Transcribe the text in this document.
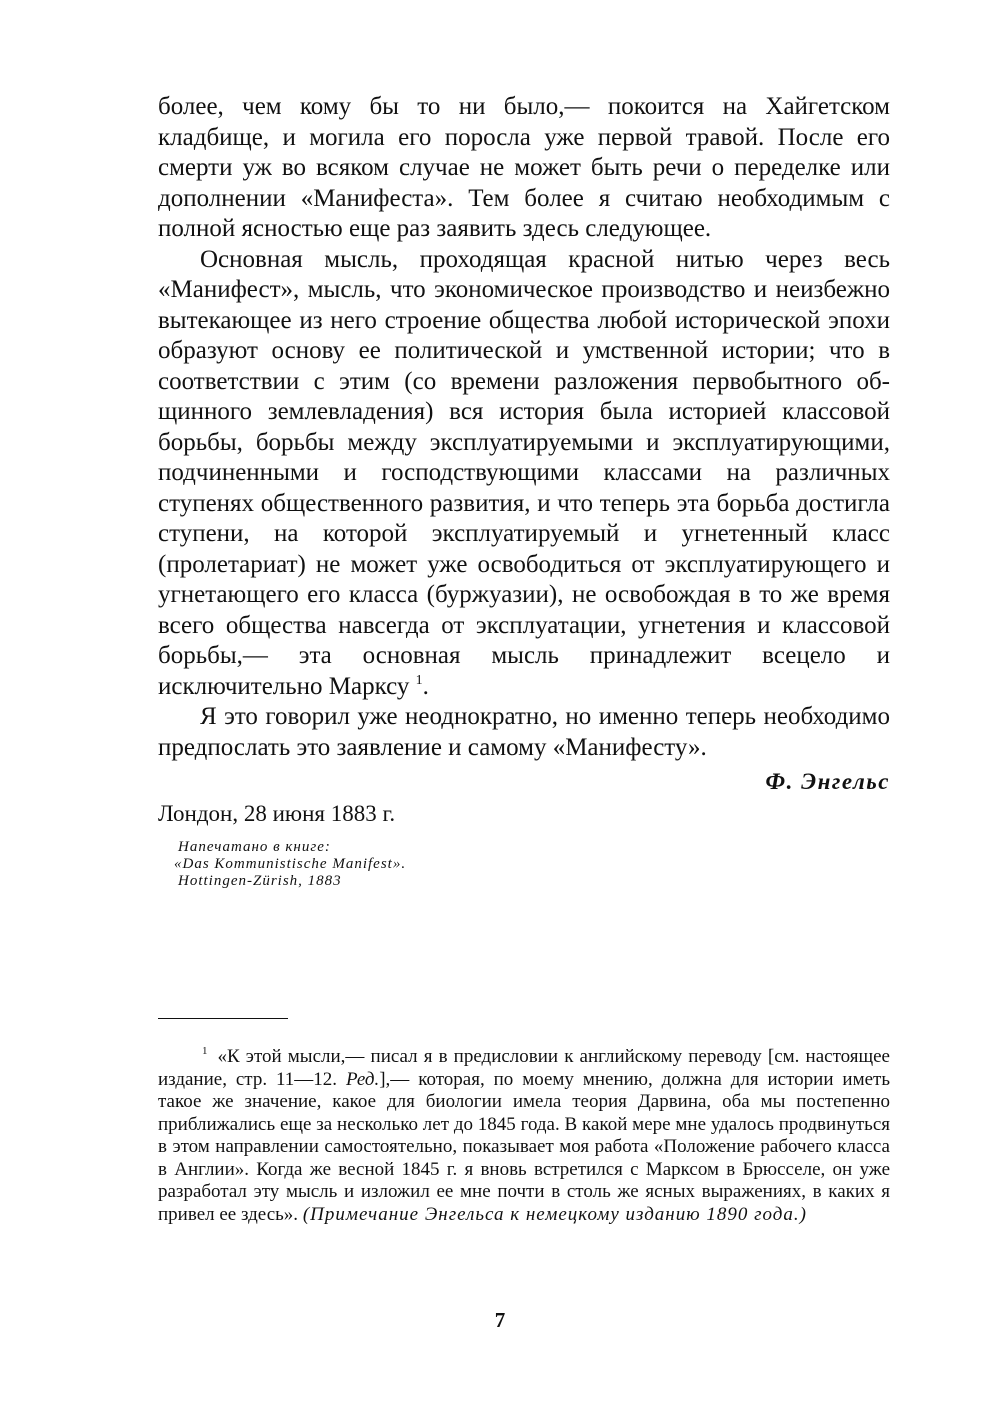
более, чем кому бы то ни было,— покоится на Хайгетском кладбище, и могила его поросла уже первой травой. После его смерти уж во всяком случае не может быть речи о переделке или дополнении «Манифеста». Тем более я считаю необходимым с полной ясностью еще раз заявить здесь следующее.

Основная мысль, проходящая красной нитью через весь «Манифест», мысль, что экономическое производство и неизбежно вытекающее из него строение общества любой исторической эпохи образуют основу ее политической и умственной истории; что в соответствии с этим (со времени разложения первобытного общинного землевладения) вся история была историей классовой борьбы, борьбы между эксплуатируемыми и эксплуатирующими, подчиненными и господствующими классами на различных ступенях общественного развития, и что теперь эта борьба достигла ступени, на которой эксплуатируемый и угнетенный класс (пролетариат) не может уже освободиться от эксплуатирующего и угнетающего его класса (буржуазии), не освобождая в то же время всего общества навсегда от эксплуатации, угнетения и классовой борьбы,— эта основная мысль принадлежит всецело и исключительно Марксу $^1$.

Я это говорил уже неоднократно, но именно теперь необходимо предпослать это заявление и самому «Манифесту».

Ф. Энгельс
Лондон, 28 июня 1883 г.
Напечатано в книге:
«Das Kommunistische Manifest».
Hottingen-Zürish, 1883

$^1$ «К этой мысли,— писал я в предисловии к английскому переводу [см. настоящее издание, стр. 11—12. Ред.],— которая, по моему мнению, должна для истории иметь такое же значение, какое для биологии имела теория Дарвина, оба мы постепенно приближались еще за несколько лет до 1845 года. В какой мере мне удалось продвинуться в этом направлении самостоятельно, показывает моя работа «Положение рабочего класса в Англии». Когда же весной 1845 г. я вновь встретился с Марксом в Брюсселе, он уже разработал эту мысль и изложил ее мне почти в столь же ясных выражениях, в каких я привел ее здесь». (Примечание Энгельса к немецкому изданию 1890 года.)

7
